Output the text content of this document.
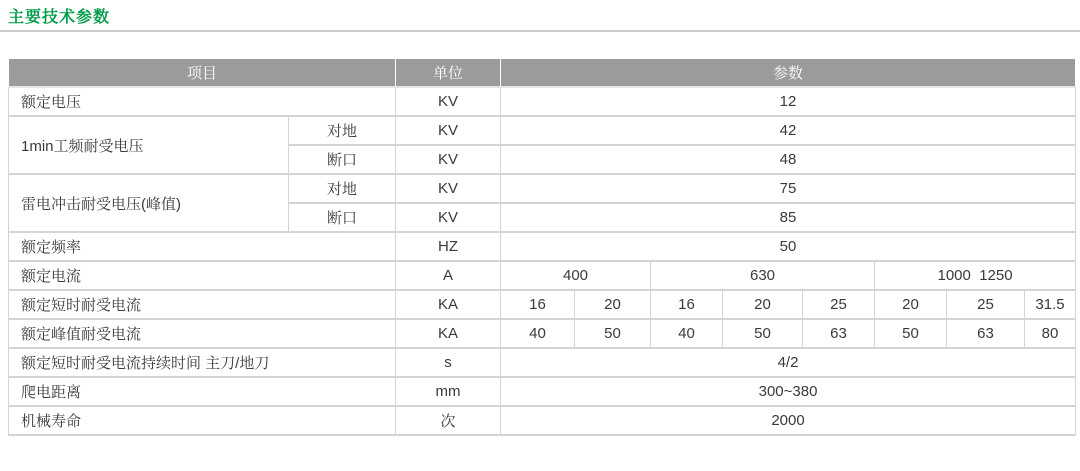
主要技术参数
项目		单位	参数							
额定电压		KV	12							
1min工频耐受电压	对地	KV	42							
	断口	KV	48							
雷电冲击耐受电压(峰值)	对地	KV	75							
	断口	KV	85							
额定频率		HZ	50							
额定电流		A	400		630			1000  1250		
额定短时耐受电流		KA	16	20	16	20	25	20	25	31.5
额定峰值耐受电流		KA	40	50	40	50	63	50	63	80
额定短时耐受电流持续时间 主刀/地刀		s	4/2							
爬电距离		mm	300~380							
机械寿命		次	2000							
